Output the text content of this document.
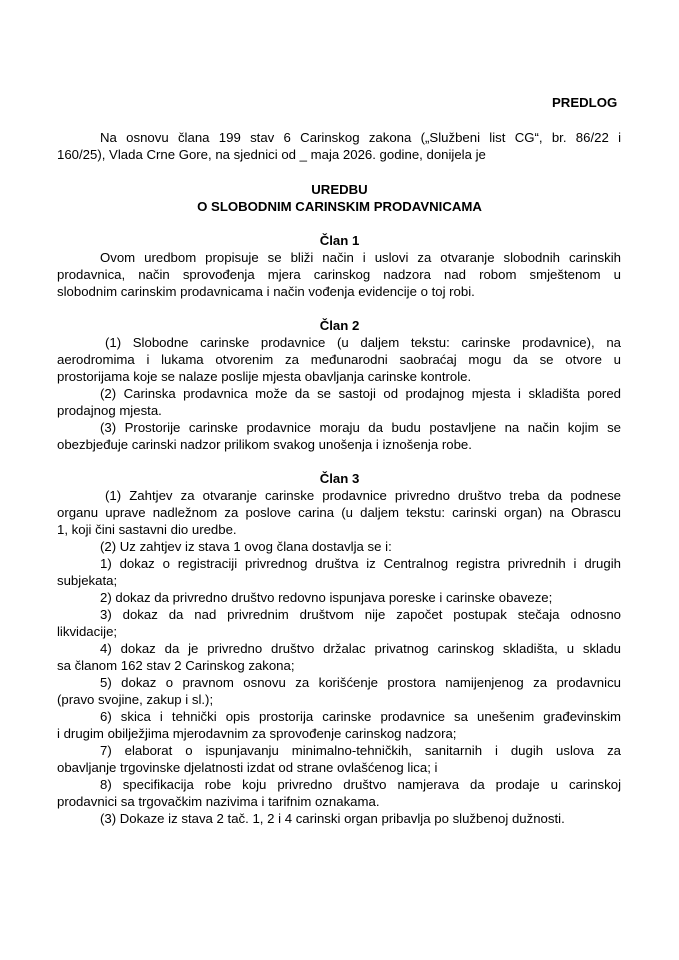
PREDLOG
Na osnovu člana 199 stav 6 Carinskog zakona („Službeni list CG“, br. 86/22 i
160/25), Vlada Crne Gore, na sjednici od _ maja 2026. godine, donijela je
UREDBU
O SLOBODNIM CARINSKIM PRODAVNICAMA
Član 1
Ovom uredbom propisuje se bliži način i uslovi za otvaranje slobodnih carinskih
prodavnica, način sprovođenja mjera carinskog nadzora nad robom smještenom u
slobodnim carinskim prodavnicama i način vođenja evidencije o toj robi.
Član 2
(1) Slobodne carinske prodavnice (u daljem tekstu: carinske prodavnice), na
aerodromima i lukama otvorenim za međunarodni saobraćaj mogu da se otvore u
prostorijama koje se nalaze poslije mjesta obavljanja carinske kontrole.
(2) Carinska prodavnica može da se sastoji od prodajnog mjesta i skladišta pored
prodajnog mjesta.
(3) Prostorije carinske prodavnice moraju da budu postavljene na način kojim se
obezbjeđuje carinski nadzor prilikom svakog unošenja i iznošenja robe.
Član 3
(1) Zahtjev za otvaranje carinske prodavnice privredno društvo treba da podnese
organu uprave nadležnom za poslove carina (u daljem tekstu: carinski organ) na Obrascu
1, koji čini sastavni dio uredbe.
(2) Uz zahtjev iz stava 1 ovog člana dostavlja se i:
1) dokaz o registraciji privrednog društva iz Centralnog registra privrednih i drugih
subjekata;
2) dokaz da privredno društvo redovno ispunjava poreske i carinske obaveze;
3) dokaz da nad privrednim društvom nije započet postupak stečaja odnosno
likvidacije;
4) dokaz da je privredno društvo držalac privatnog carinskog skladišta, u skladu
sa članom 162 stav 2 Carinskog zakona;
5) dokaz o pravnom osnovu za korišćenje prostora namijenjenog za prodavnicu
(pravo svojine, zakup i sl.);
6) skica i tehnički opis prostorija carinske prodavnice sa unešenim građevinskim
i drugim obilježjima mjerodavnim za sprovođenje carinskog nadzora;
7) elaborat o ispunjavanju minimalno-tehničkih, sanitarnih i dugih uslova za
obavljanje trgovinske djelatnosti izdat od strane ovlašćenog lica; i
8) specifikacija robe koju privredno društvo namjerava da prodaje u carinskoj
prodavnici sa trgovačkim nazivima i tarifnim oznakama.
(3) Dokaze iz stava 2 tač. 1, 2 i 4 carinski organ pribavlja po službenoj dužnosti.
